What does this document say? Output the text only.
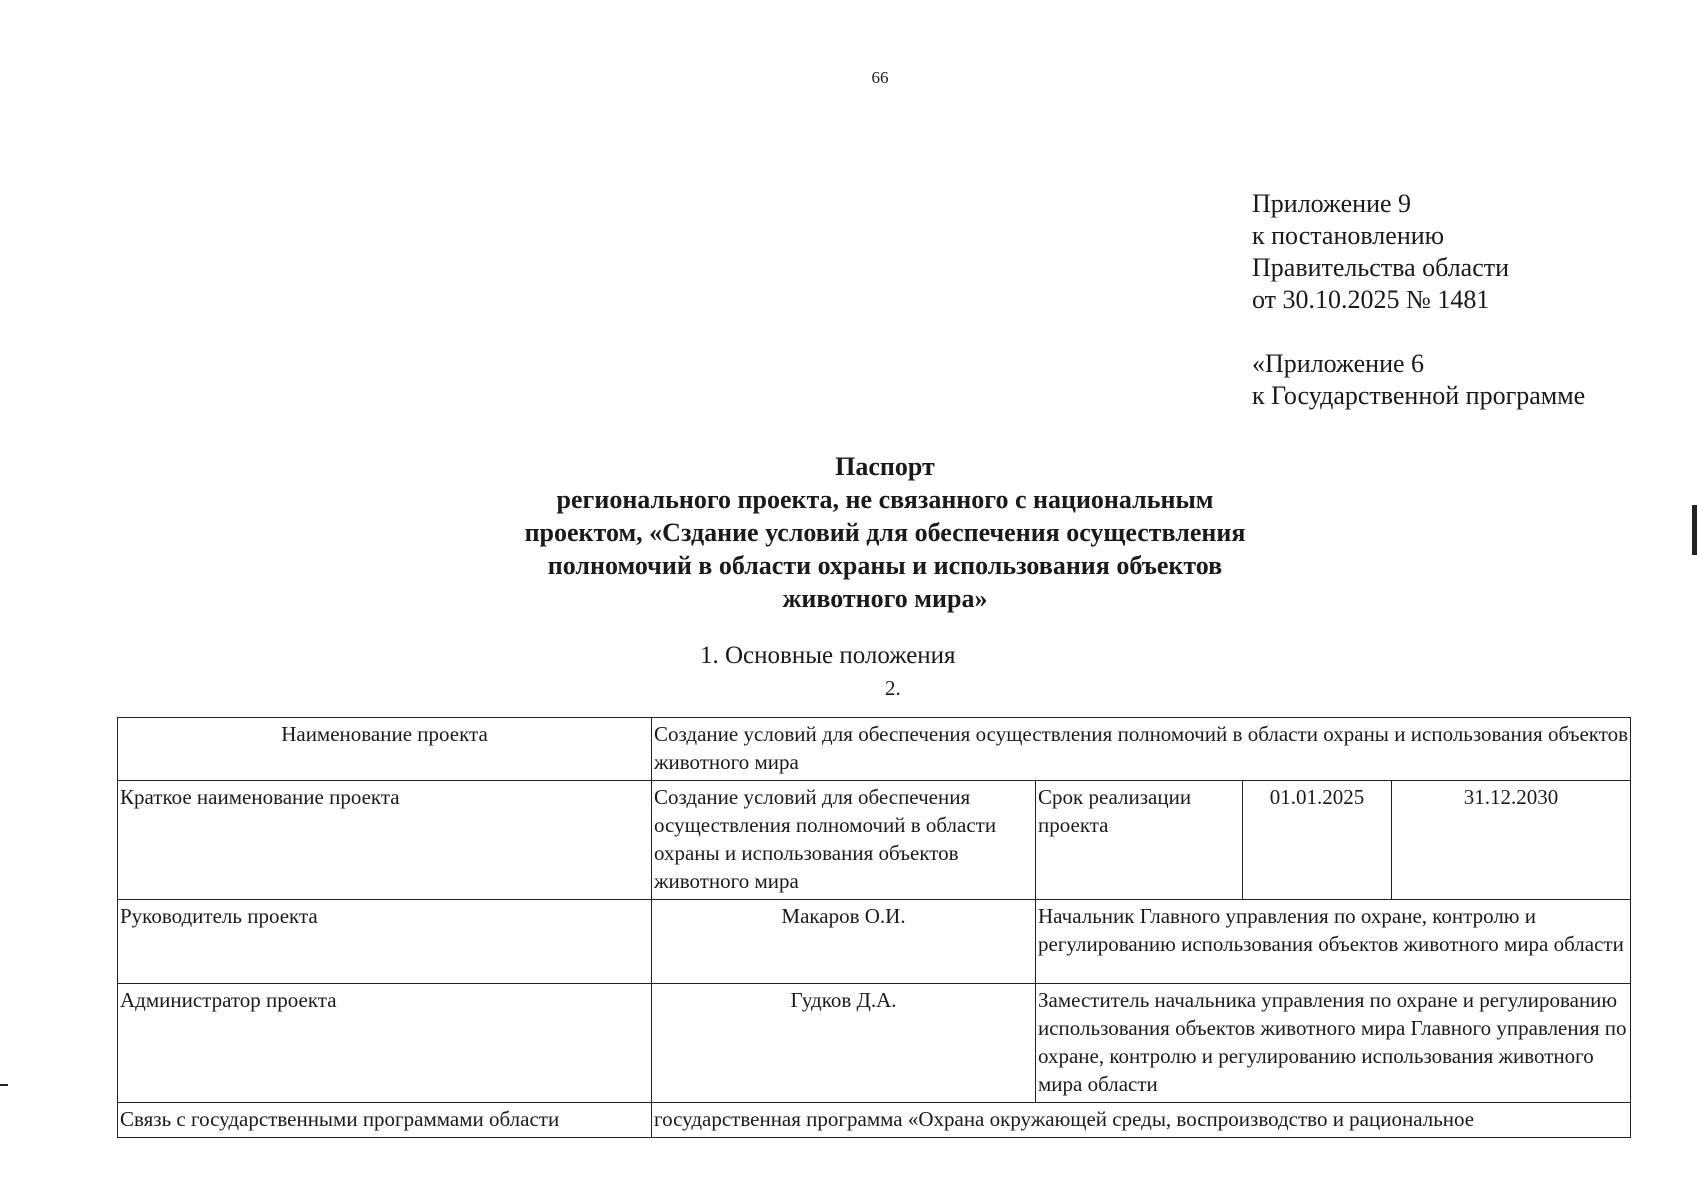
66
Приложение 9
к постановлению
Правительства области
от 30.10.2025 № 1481
«Приложение 6
к Государственной программе
Паспорт
регионального проекта, не связанного с национальным
проектом, «Сздание условий для обеспечения осуществления
полномочий в области охраны и использования объектов
животного мира»
1. Основные положения
2.
Наименование проекта	Создание условий для обеспечения осуществления полномочий в области охраны и использования объектов животного мира			
Краткое наименование проекта	Создание условий для обеспечения осуществления полномочий в области охраны и использования объектов животного мира	Срок реализации проекта	01.01.2025	31.12.2030
Руководитель проекта	Макаров О.И.	Начальник Главного управления по охране, контролю и регулированию использования объектов животного мира области		
Администратор проекта	Гудков Д.А.	Заместитель начальника управления по охране и регулированию использования объектов животного мира Главного управления по охране, контролю и регулированию использования животного мира области		
Связь с государственными программами области	государственная программа «Охрана окружающей среды, воспроизводство и рациональное			
